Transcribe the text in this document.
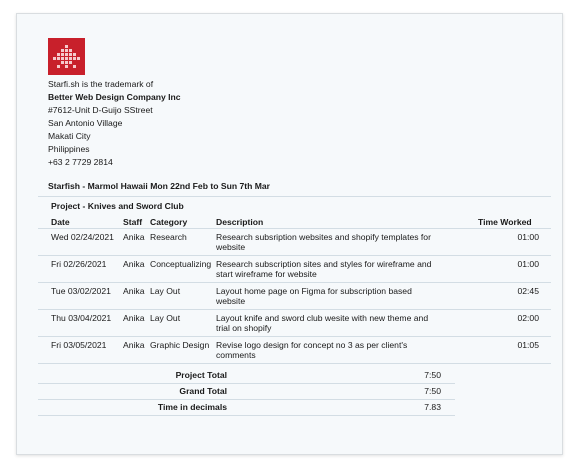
Starfi.sh is the trademark of
Better Web Design Company Inc
#7612-Unit D-Guijo SStreet
San Antonio Village
Makati City
Philippines
+63 2 7729 2814
Starfish - Marmol Hawaii Mon 22nd Feb to Sun 7th Mar
Project - Knives and Sword Club
Date	Staff	Category	Description	Time Worked
Wed 02/24/2021	Anika	Research	Research subsription websites and shopify templates for website	01:00
Fri 02/26/2021	Anika	Conceptualizing	Research subscription sites and styles for wireframe and start wireframe for website	01:00
Tue 03/02/2021	Anika	Lay Out	Layout home page on Figma for subscription based website	02:45
Thu 03/04/2021	Anika	Lay Out	Layout knife and sword club wesite with new theme and trial on shopify	02:00
Fri 03/05/2021	Anika	Graphic Design	Revise logo design for concept no 3 as per client's comments	01:05
Project Total	7:50
Grand Total	7:50
Time in decimals	7.83
